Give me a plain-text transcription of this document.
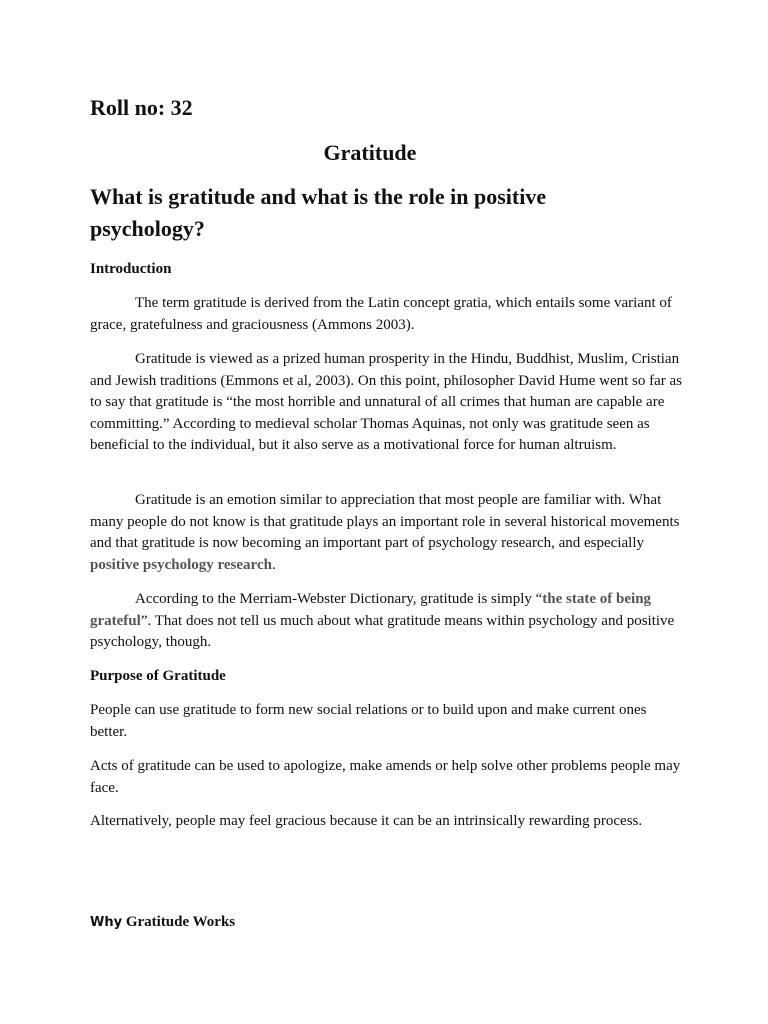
Roll no: 32
Gratitude
What is gratitude and what is the role in positive psychology?
Introduction
The term gratitude is derived from the Latin concept gratia, which entails some variant of grace, gratefulness and graciousness (Ammons 2003).
Gratitude is viewed as a prized human prosperity in the Hindu, Buddhist, Muslim, Cristian and Jewish traditions (Emmons et al, 2003). On this point, philosopher David Hume went so far as to say that gratitude is “the most horrible and unnatural of all crimes that human are capable are committing.” According to medieval scholar Thomas Aquinas, not only was gratitude seen as beneficial to the individual, but it also serve as a motivational force for human altruism.
Gratitude is an emotion similar to appreciation that most people are familiar with. What many people do not know is that gratitude plays an important role in several historical movements and that gratitude is now becoming an important part of psychology research, and especially positive psychology research.
According to the Merriam-Webster Dictionary, gratitude is simply “the state of being grateful”. That does not tell us much about what gratitude means within psychology and positive psychology, though.
Purpose of Gratitude
People can use gratitude to form new social relations or to build upon and make current ones better.
Acts of gratitude can be used to apologize, make amends or help solve other problems people may face.
Alternatively, people may feel gracious because it can be an intrinsically rewarding process.
Why Gratitude Works
